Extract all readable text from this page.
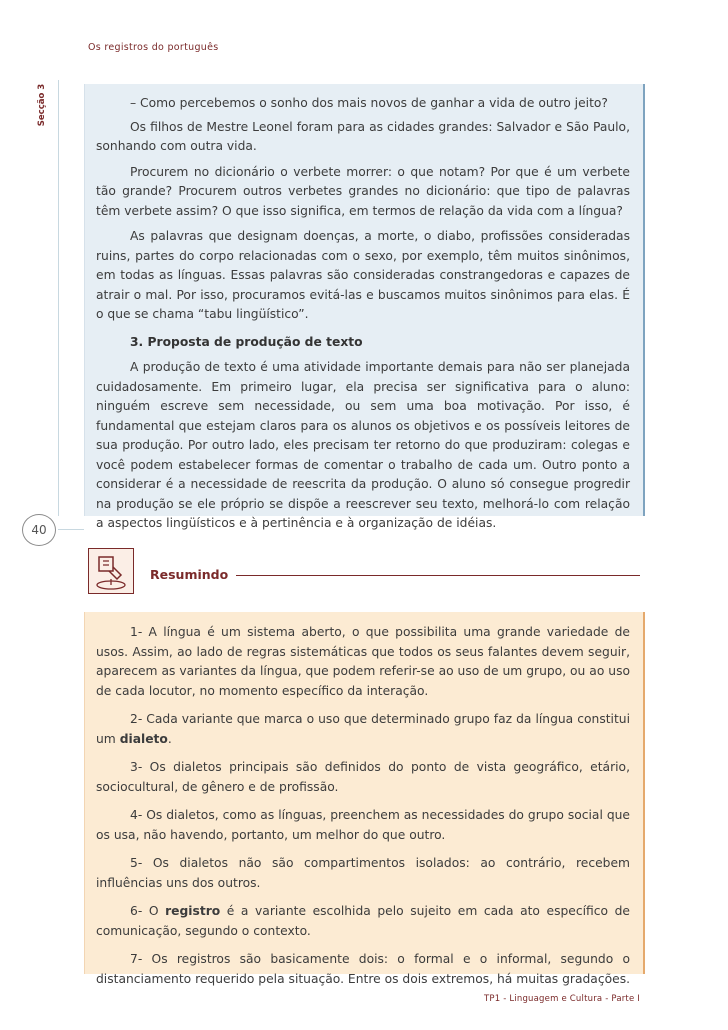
Os registros do português
Secção 3	– Como percebemos o sonho dos mais novos de ganhar a vida de outro jeito?

Os filhos de Mestre Leonel foram para as cidades grandes: Salvador e São Paulo, sonhando com outra vida.

Procurem no dicionário o verbete morrer: o que notam? Por que é um verbete tão grande? Procurem outros verbetes grandes no dicionário: que tipo de palavras têm verbete assim? O que isso significa, em termos de relação da vida com a língua?

As palavras que designam doenças, a morte, o diabo, profissões consideradas ruins, partes do corpo relacionadas com o sexo, por exemplo, têm muitos sinônimos, em todas as línguas. Essas palavras são consideradas constrangedoras e capazes de atrair o mal. Por isso, procuramos evitá-las e buscamos muitos sinônimos para elas. É o que se chama “tabu lingüístico”.

3. Proposta de produção de texto

A produção de texto é uma atividade importante demais para não ser planejada cuidadosamente. Em primeiro lugar, ela precisa ser significativa para o aluno: ninguém escreve sem necessidade, ou sem uma boa motivação. Por isso, é fundamental que estejam claros para os alunos os objetivos e os possíveis leitores de sua produção. Por outro lado, eles precisam ter retorno do que produziram: colegas e você podem estabelecer formas de comentar o trabalho de cada um. Outro ponto a considerar é a necessidade de reescrita da produção. O aluno só consegue progredir na produção se ele próprio se dispõe a reescrever seu texto, melhorá-lo com relação a aspectos lingüísticos e à pertinência e à organização de idéias.

40
Resumindo

1- A língua é um sistema aberto, o que possibilita uma grande variedade de usos. Assim, ao lado de regras sistemáticas que todos os seus falantes devem seguir, aparecem as variantes da língua, que podem referir-se ao uso de um grupo, ou ao uso de cada locutor, no momento específico da interação.

2- Cada variante que marca o uso que determinado grupo faz da língua constitui um dialeto.

3- Os dialetos principais são definidos do ponto de vista geográfico, etário, sociocultural, de gênero e de profissão.

4- Os dialetos, como as línguas, preenchem as necessidades do grupo social que os usa, não havendo, portanto, um melhor do que outro.

5- Os dialetos não são compartimentos isolados: ao contrário, recebem influências uns dos outros.

6- O registro é a variante escolhida pelo sujeito em cada ato específico de comunicação, segundo o contexto.

7- Os registros são basicamente dois: o formal e o informal, segundo o distanciamento requerido pela situação. Entre os dois extremos, há muitas gradações.

TP1 - Linguagem e Cultura - Parte I
